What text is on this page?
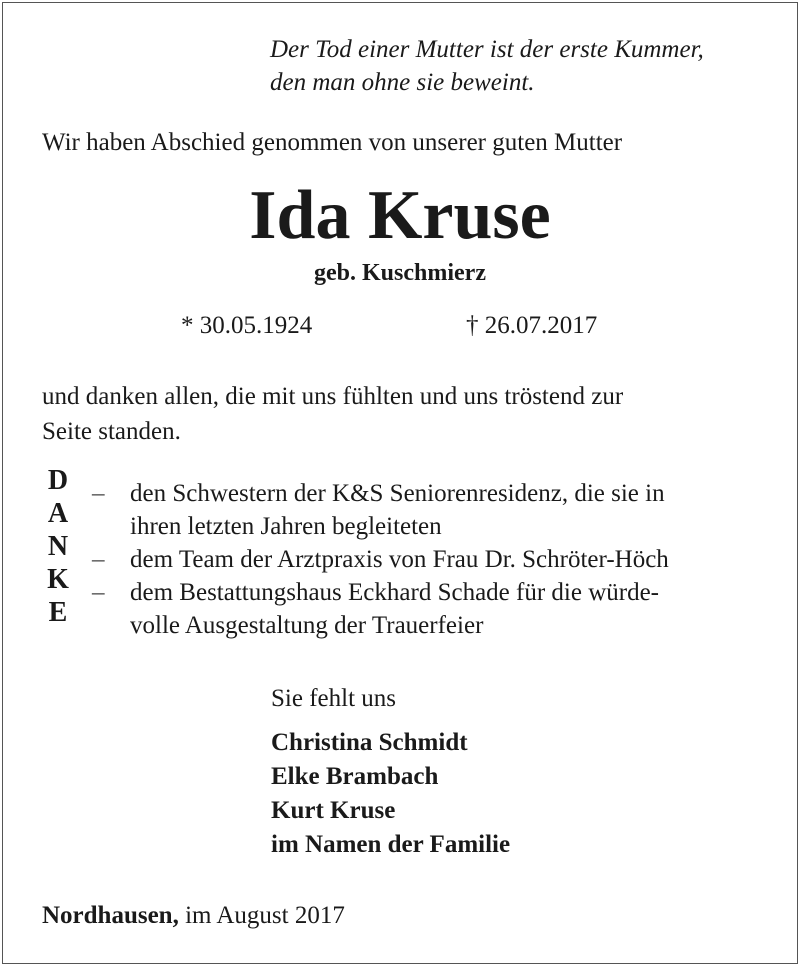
Der Tod einer Mutter ist der erste Kummer,
den man ohne sie beweint.
Wir haben Abschied genommen von unserer guten Mutter
Ida Kruse
geb. Kuschmierz
* 30.05.1924	† 26.07.2017
und danken allen, die mit uns fühlten und uns tröstend zur
Seite standen.
D
A
N
K
E
–
–
–
den Schwestern der K&S Seniorenresidenz, die sie in
ihren letzten Jahren begleiteten
dem Team der Arztpraxis von Frau Dr. Schröter-Höch
dem Bestattungshaus Eckhard Schade für die würde-
volle Ausgestaltung der Trauerfeier
Sie fehlt uns
Christina Schmidt
Elke Brambach
Kurt Kruse
im Namen der Familie
Nordhausen, im August 2017
